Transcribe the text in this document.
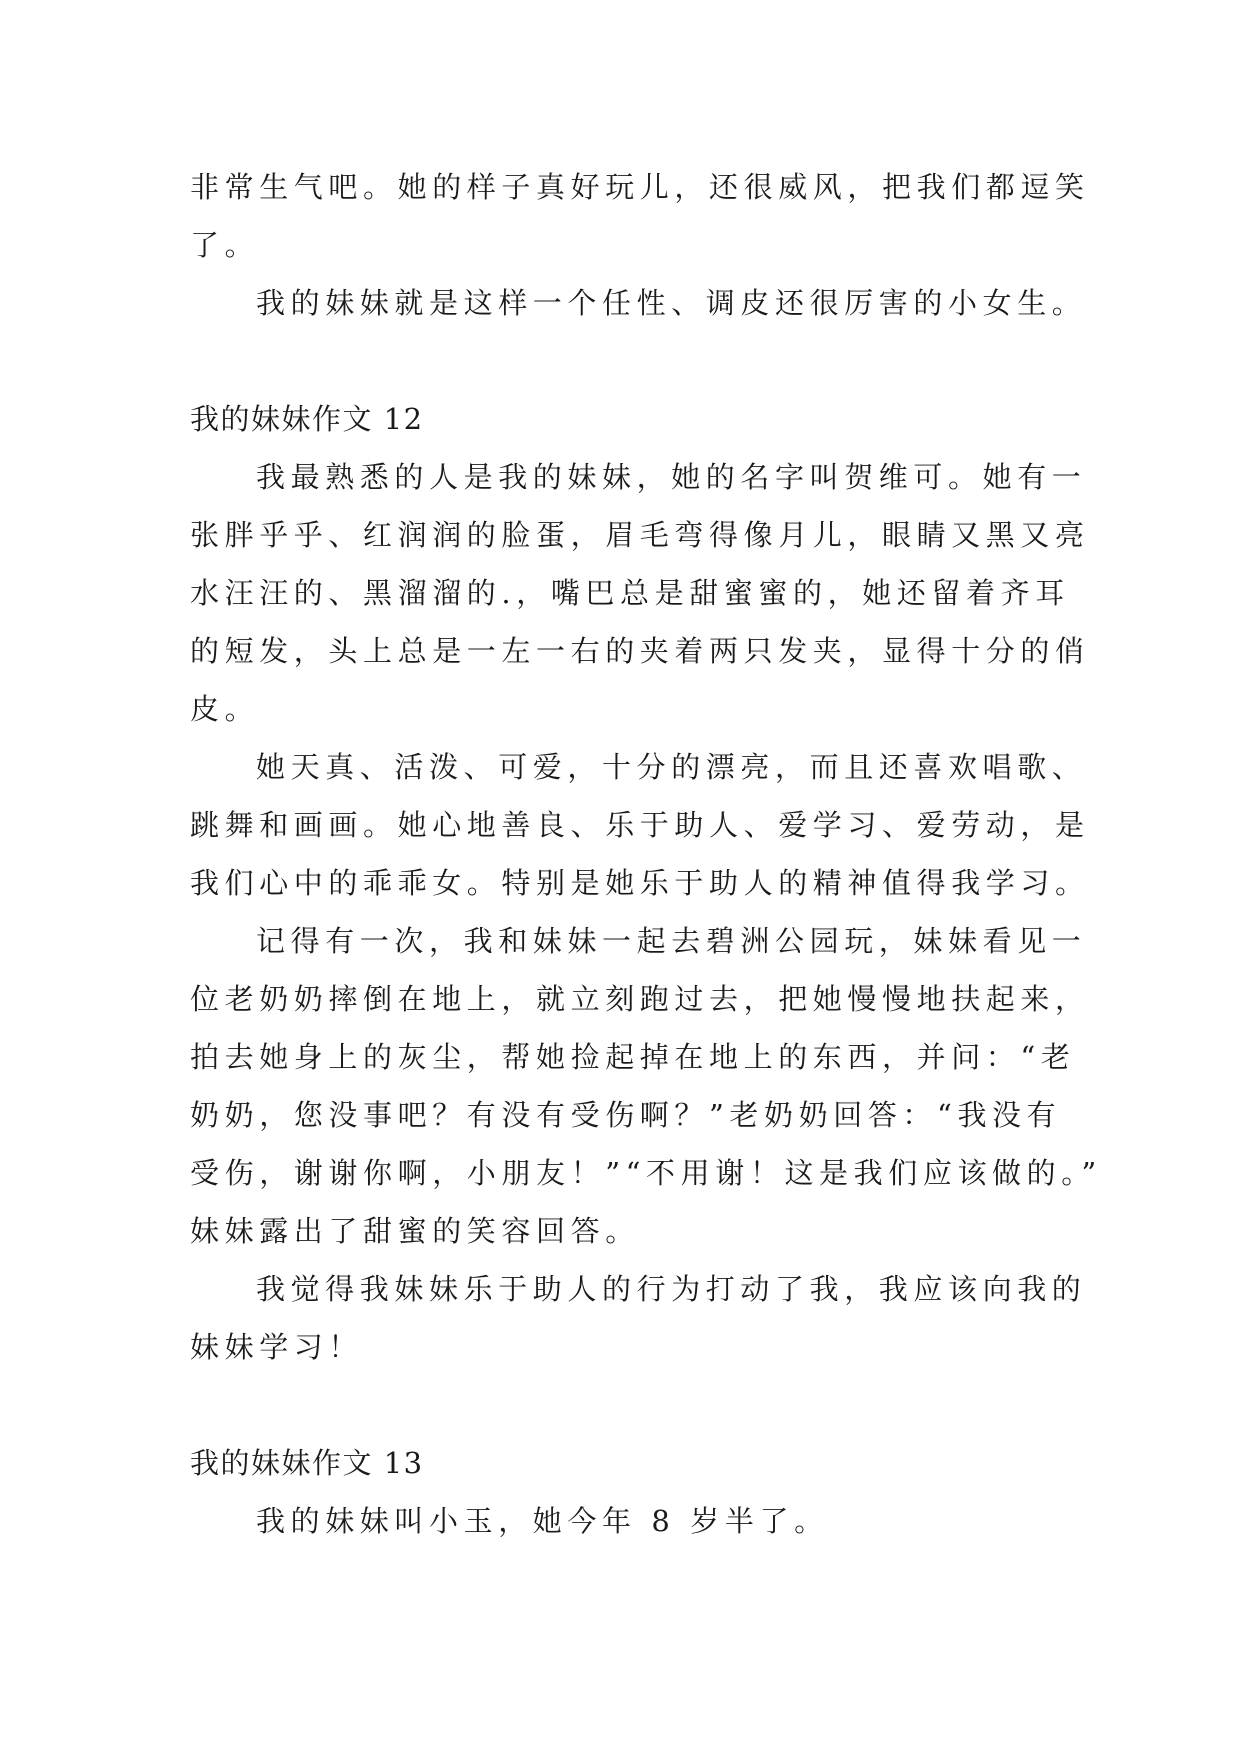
非常生气吧。她的样子真好玩儿，还很威风，把我们都逗笑
了。
我的妹妹就是这样一个任性、调皮还很厉害的小女生。
我的妹妹作文 12
我最熟悉的人是我的妹妹，她的名字叫贺维可。她有一
张胖乎乎、红润润的脸蛋，眉毛弯得像月儿，眼睛又黑又亮
水汪汪的、黑溜溜的.，嘴巴总是甜蜜蜜的，她还留着齐耳
的短发，头上总是一左一右的夹着两只发夹，显得十分的俏
皮。
她天真、活泼、可爱，十分的漂亮，而且还喜欢唱歌、
跳舞和画画。她心地善良、乐于助人、爱学习、爱劳动，是
我们心中的乖乖女。特别是她乐于助人的精神值得我学习。
记得有一次，我和妹妹一起去碧洲公园玩，妹妹看见一
位老奶奶摔倒在地上，就立刻跑过去，把她慢慢地扶起来，
拍去她身上的灰尘，帮她捡起掉在地上的东西，并问：“老
奶奶，您没事吧？有没有受伤啊？”老奶奶回答：“我没有
受伤，谢谢你啊，小朋友！”“不用谢！这是我们应该做的。”
妹妹露出了甜蜜的笑容回答。
我觉得我妹妹乐于助人的行为打动了我，我应该向我的
妹妹学习！
我的妹妹作文 13
我的妹妹叫小玉，她今年 8 岁半了。
